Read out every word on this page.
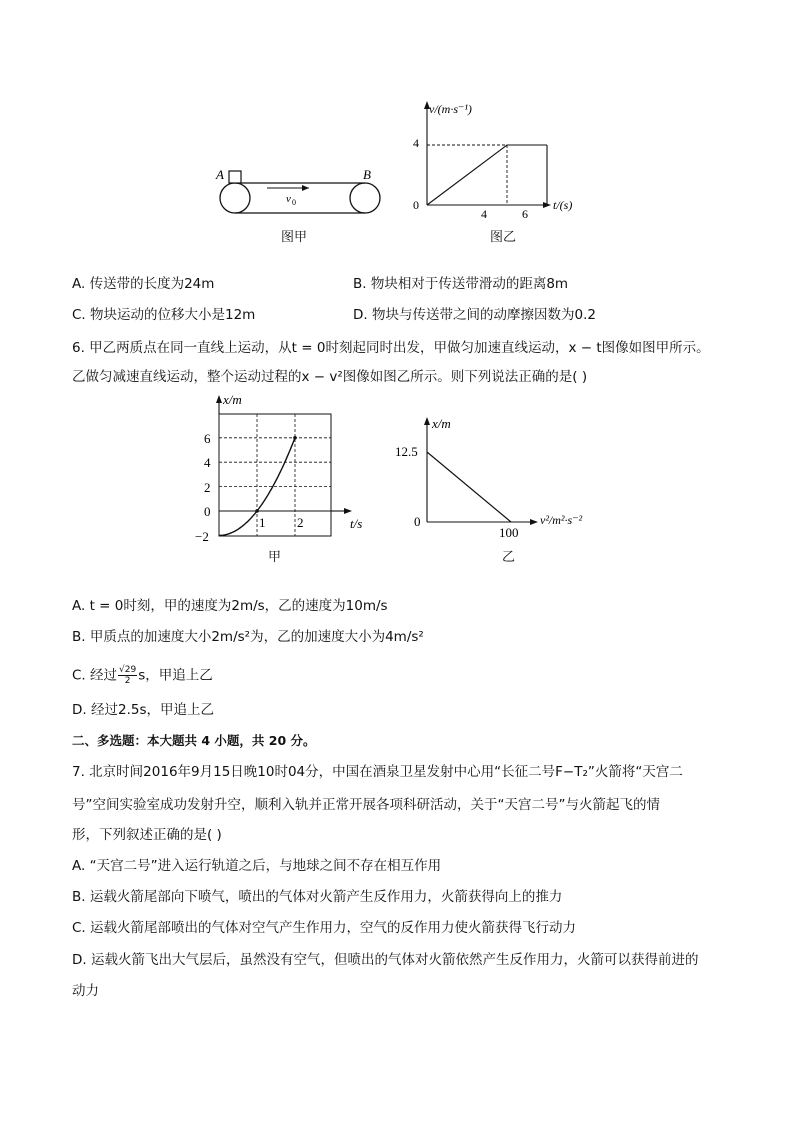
A	B
v 0
图甲
v/(m·s⁻¹)
t/(s)
4
0
4	6
图乙
A. 传送带的长度为24m	B. 物块相对于传送带滑动的距离8m
C. 物块运动的位移大小是12m	D. 物块与传送带之间的动摩擦因数为0.2
6. 甲乙两质点在同一直线上运动，从t = 0时刻起同时出发，甲做匀加速直线运动，x − t图像如图甲所示。
乙做匀减速直线运动，整个运动过程的x − v²图像如图乙所示。则下列说法正确的是( )
x/m
t/s
6
4
2
0
−2
1 2
甲
x/m
v²/m²·s⁻²
12.5
0
100
乙
A. t = 0时刻，甲的速度为2m/s，乙的速度为10m/s
B. 甲质点的加速度大小2m/s²为，乙的加速度大小为4m/s²
C. 经过 $\frac{√29}{2}$ s，甲追上乙
D. 经过2.5s，甲追上乙
二、多选题：本大题共 4 小题，共 20 分。
7. 北京时间2016年9月15日晚10时04分，中国在酒泉卫星发射中心用“长征二号F−T₂”火箭将“天宫二
号”空间实验室成功发射升空，顺利入轨并正常开展各项科研活动，关于“天宫二号”与火箭起飞的情
形，下列叙述正确的是( )
A. “天宫二号”进入运行轨道之后，与地球之间不存在相互作用
B. 运载火箭尾部向下喷气，喷出的气体对火箭产生反作用力，火箭获得向上的推力
C. 运载火箭尾部喷出的气体对空气产生作用力，空气的反作用力使火箭获得飞行动力
D. 运载火箭飞出大气层后，虽然没有空气，但喷出的气体对火箭依然产生反作用力，火箭可以获得前进的
动力
